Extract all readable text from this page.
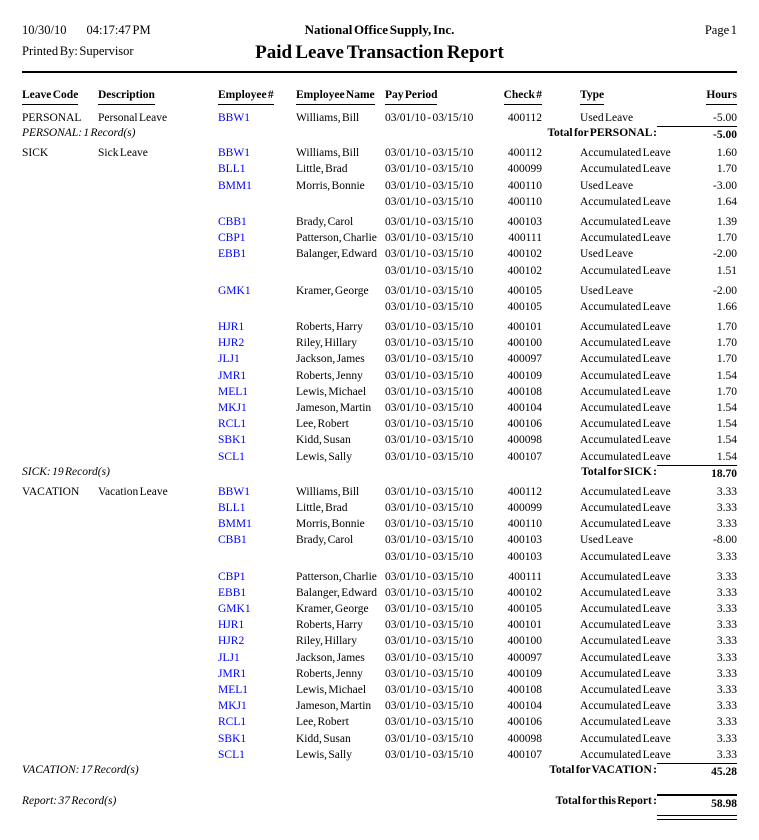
10/30/10 04:17:47 PM
Printed By: Supervisor
National Office Supply, Inc.
Paid Leave Transaction Report
Page 1
Leave Code	Description	Employee #	Employee Name Pay Period	Check #	Type	Hours
PERSONAL	Personal Leave	BBW1	Williams, Bill	03/01/10 - 03/15/10	400112	Used Leave	-5.00
PERSONAL: 1 Record(s)	Total for PERSONAL :	-5.00
SICK	Sick Leave	BBW1	Williams, Bill	03/01/10 - 03/15/10	400112	Accumulated Leave	1.60
BLL1	Little, Brad	03/01/10 - 03/15/10	400099	Accumulated Leave	1.70
BMM1	Morris, Bonnie	03/01/10 - 03/15/10	400110	Used Leave	-3.00
03/01/10 - 03/15/10	400110	Accumulated Leave	1.64
CBB1	Brady, Carol	03/01/10 - 03/15/10	400103	Accumulated Leave	1.39
CBP1	Patterson, Charlie 03/01/10 - 03/15/10	400111	Accumulated Leave	1.70
EBB1	Balanger, Edward 03/01/10 - 03/15/10	400102	Used Leave	-2.00
03/01/10 - 03/15/10	400102	Accumulated Leave	1.51
GMK1	Kramer, George	03/01/10 - 03/15/10	400105	Used Leave	-2.00
03/01/10 - 03/15/10	400105	Accumulated Leave	1.66
HJR1	Roberts, Harry	03/01/10 - 03/15/10	400101	Accumulated Leave	1.70
HJR2	Riley, Hillary	03/01/10 - 03/15/10	400100	Accumulated Leave	1.70
JLJ1	Jackson, James	03/01/10 - 03/15/10	400097	Accumulated Leave	1.70
JMR1	Roberts, Jenny	03/01/10 - 03/15/10	400109	Accumulated Leave	1.54
MEL1	Lewis, Michael	03/01/10 - 03/15/10	400108	Accumulated Leave	1.70
MKJ1	Jameson, Martin	03/01/10 - 03/15/10	400104	Accumulated Leave	1.54
RCL1	Lee, Robert	03/01/10 - 03/15/10	400106	Accumulated Leave	1.54
SBK1	Kidd, Susan	03/01/10 - 03/15/10	400098	Accumulated Leave	1.54
SCL1	Lewis, Sally	03/01/10 - 03/15/10	400107	Accumulated Leave	1.54
SICK: 19 Record(s)	Total for SICK :	18.70
VACATION	Vacation Leave	BBW1	Williams, Bill	03/01/10 - 03/15/10	400112	Accumulated Leave	3.33
BLL1	Little, Brad	03/01/10 - 03/15/10	400099	Accumulated Leave	3.33
BMM1	Morris, Bonnie	03/01/10 - 03/15/10	400110	Accumulated Leave	3.33
CBB1	Brady, Carol	03/01/10 - 03/15/10	400103	Used Leave	-8.00
03/01/10 - 03/15/10	400103	Accumulated Leave	3.33
CBP1	Patterson, Charlie 03/01/10 - 03/15/10	400111	Accumulated Leave	3.33
EBB1	Balanger, Edward 03/01/10 - 03/15/10	400102	Accumulated Leave	3.33
GMK1	Kramer, George	03/01/10 - 03/15/10	400105	Accumulated Leave	3.33
HJR1	Roberts, Harry	03/01/10 - 03/15/10	400101	Accumulated Leave	3.33
HJR2	Riley, Hillary	03/01/10 - 03/15/10	400100	Accumulated Leave	3.33
JLJ1	Jackson, James	03/01/10 - 03/15/10	400097	Accumulated Leave	3.33
JMR1	Roberts, Jenny	03/01/10 - 03/15/10	400109	Accumulated Leave	3.33
MEL1	Lewis, Michael	03/01/10 - 03/15/10	400108	Accumulated Leave	3.33
MKJ1	Jameson, Martin	03/01/10 - 03/15/10	400104	Accumulated Leave	3.33
RCL1	Lee, Robert	03/01/10 - 03/15/10	400106	Accumulated Leave	3.33
SBK1	Kidd, Susan	03/01/10 - 03/15/10	400098	Accumulated Leave	3.33
SCL1	Lewis, Sally	03/01/10 - 03/15/10	400107	Accumulated Leave	3.33
VACATION: 17 Record(s)	Total for VACATION :	45.28
Report: 37 Record(s)	Total for this Report :	58.98
